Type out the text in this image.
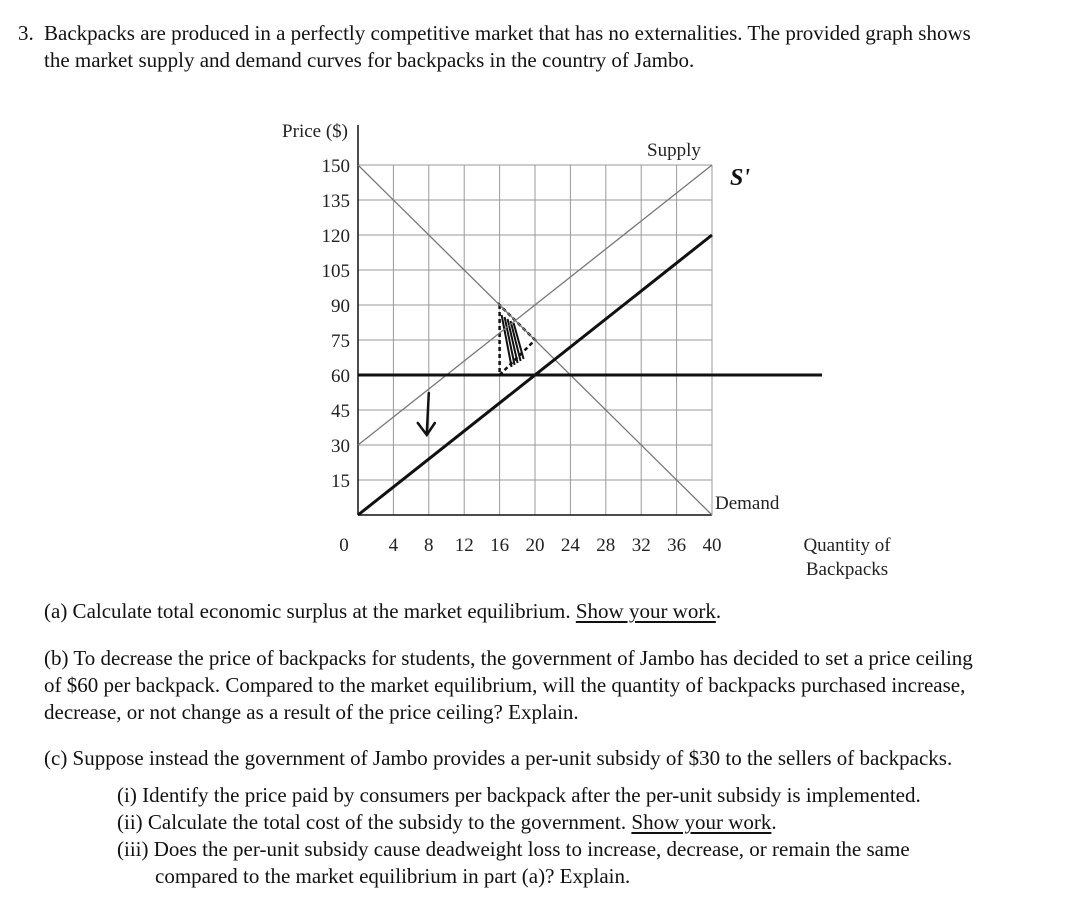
3. Backpacks are produced in a perfectly competitive market that has no externalities. The provided graph shows
the market supply and demand curves for backpacks in the country of Jambo.
15
30
45
60
75
90
105
120
135
150
4 8 12 16 20 24 28 32 36 40
0
Price ($)
Quantity of
Backpacks
Supply
Demand
S'
(a) Calculate total economic surplus at the market equilibrium. Show your work.
(b) To decrease the price of backpacks for students, the government of Jambo has decided to set a price ceiling
of $60 per backpack. Compared to the market equilibrium, will the quantity of backpacks purchased increase,
decrease, or not change as a result of the price ceiling? Explain.
(c) Suppose instead the government of Jambo provides a per-unit subsidy of $30 to the sellers of backpacks.
(i) Identify the price paid by consumers per backpack after the per-unit subsidy is implemented.
(ii) Calculate the total cost of the subsidy to the government. Show your work.
(iii) Does the per-unit subsidy cause deadweight loss to increase, decrease, or remain the same
compared to the market equilibrium in part (a)? Explain.
